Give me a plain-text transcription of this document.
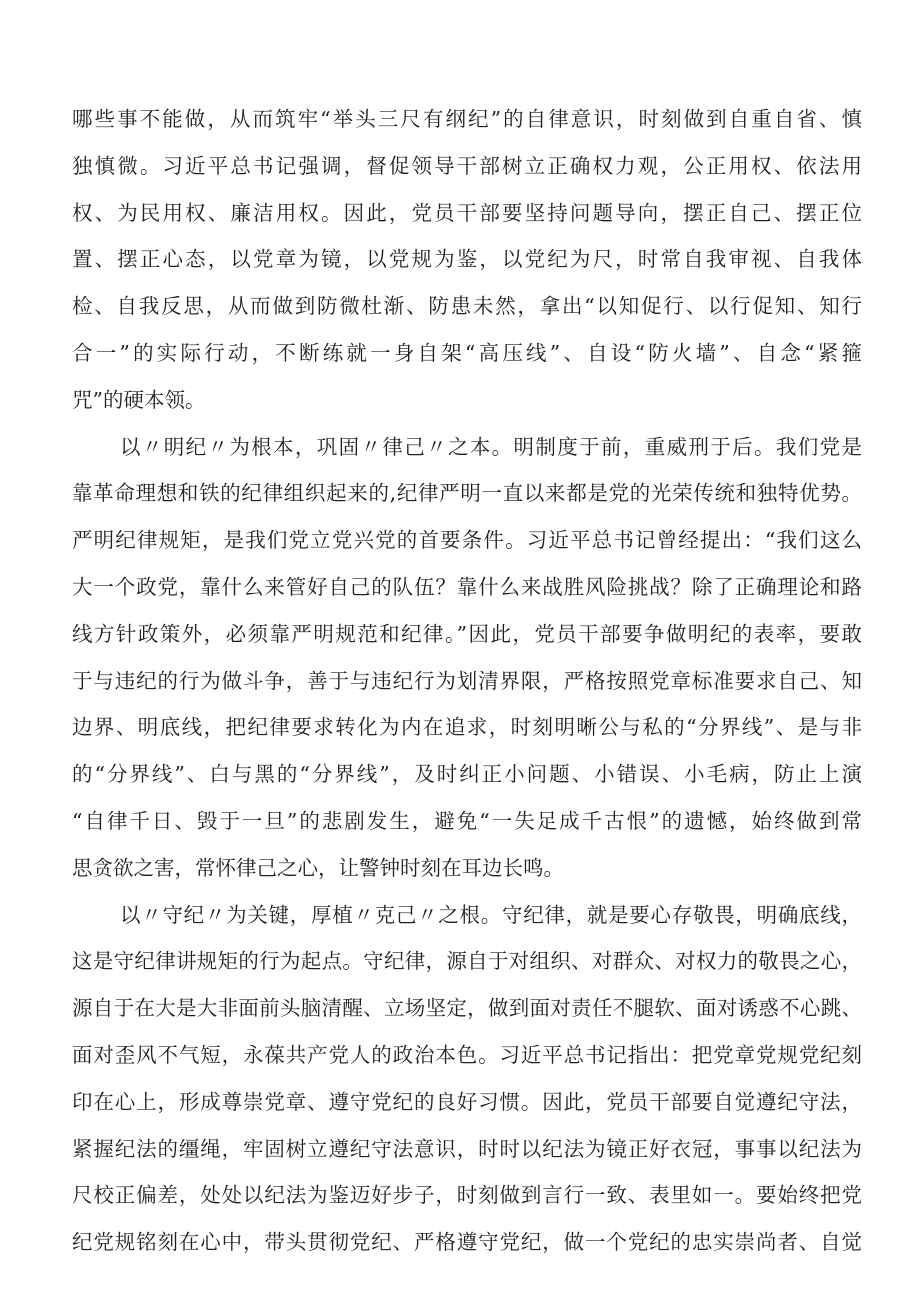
哪些事不能做，从而筑牢“举头三尺有纲纪”的自律意识，时刻做到自重自省、慎
独慎微。习近平总书记强调，督促领导干部树立正确权力观，公正用权、依法用
权、为民用权、廉洁用权。因此，党员干部要坚持问题导向，摆正自己、摆正位
置、摆正心态，以党章为镜，以党规为鉴，以党纪为尺，时常自我审视、自我体
检、自我反思，从而做到防微杜渐、防患未然，拿出“以知促行、以行促知、知行
合一”的实际行动，不断练就一身自架“高压线”、自设“防火墙”、自念“紧箍
咒”的硬本领。
以〃明纪〃为根本，巩固〃律己〃之本。明制度于前，重威刑于后。我们党是
靠革命理想和铁的纪律组织起来的,纪律严明一直以来都是党的光荣传统和独特优势。
严明纪律规矩，是我们党立党兴党的首要条件。习近平总书记曾经提出：“我们这么
大一个政党，靠什么来管好自己的队伍？靠什么来战胜风险挑战？除了正确理论和路
线方针政策外，必须靠严明规范和纪律。”因此，党员干部要争做明纪的表率，要敢
于与违纪的行为做斗争，善于与违纪行为划清界限，严格按照党章标准要求自己、知
边界、明底线，把纪律要求转化为内在追求，时刻明晰公与私的“分界线”、是与非
的“分界线”、白与黑的“分界线”，及时纠正小问题、小错误、小毛病，防止上演
“自律千日、毁于一旦”的悲剧发生，避免“一失足成千古恨”的遗憾，始终做到常
思贪欲之害，常怀律己之心，让警钟时刻在耳边长鸣。
以〃守纪〃为关键，厚植〃克己〃之根。守纪律，就是要心存敬畏，明确底线，
这是守纪律讲规矩的行为起点。守纪律，源自于对组织、对群众、对权力的敬畏之心，
源自于在大是大非面前头脑清醒、立场坚定，做到面对责任不腿软、面对诱惑不心跳、
面对歪风不气短，永葆共产党人的政治本色。习近平总书记指出：把党章党规党纪刻
印在心上，形成尊崇党章、遵守党纪的良好习惯。因此，党员干部要自觉遵纪守法，
紧握纪法的缰绳，牢固树立遵纪守法意识，时时以纪法为镜正好衣冠，事事以纪法为
尺校正偏差，处处以纪法为鉴迈好步子，时刻做到言行一致、表里如一。要始终把党
纪党规铭刻在心中，带头贯彻党纪、严格遵守党纪，做一个党纪的忠实崇尚者、自觉
